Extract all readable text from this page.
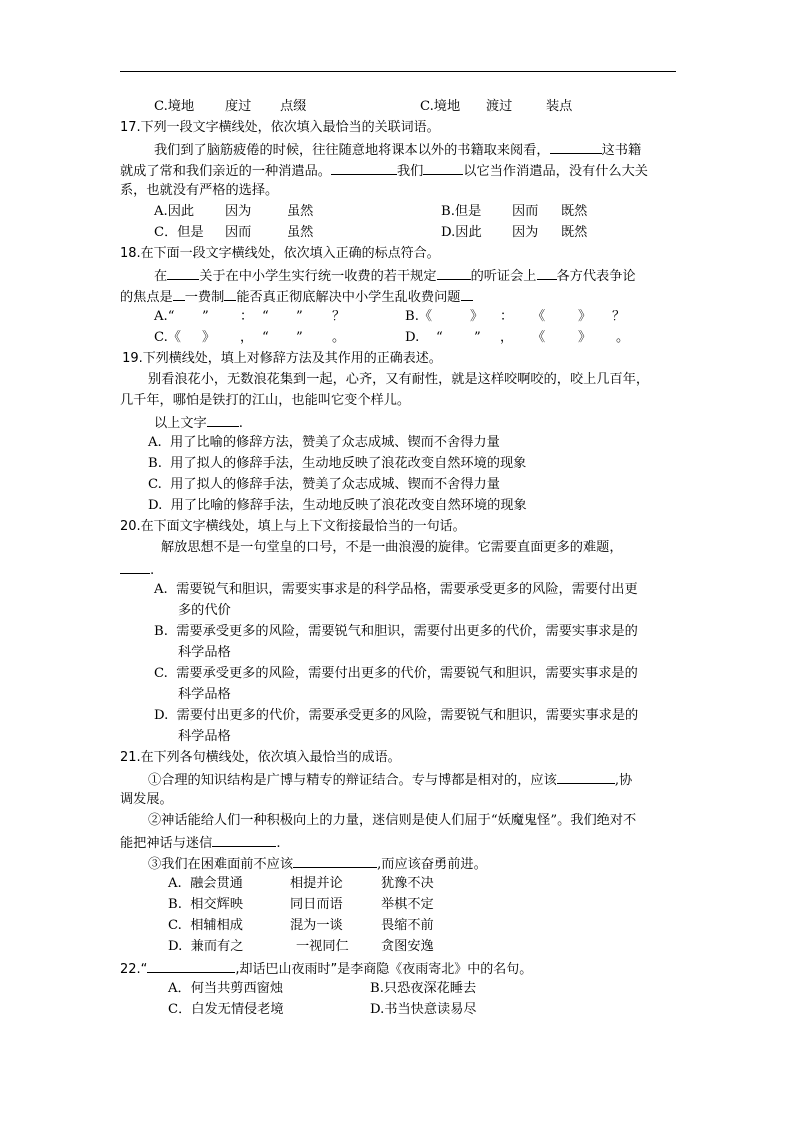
C.境地 度过 点缀	C.境地 渡过	装点
17.下列一段文字横线处，依次填入最恰当的关联词语。
我们到了脑筋疲倦的时候，往往随意地将课本以外的书籍取来阅看，	这书籍
就成了常和我们亲近的一种消遣品。	我们	以它当作消遣品，没有什么大关
系，也就没有严格的选择。
A.因此 因为	虽然	B.但是 因而 既然
C．但是 因而	虽然	D.因此 因为 既然
18.在下面一段文字横线处，依次填入正确的标点符合。
在 关于在中小学生实行统一收费的若干规定	的听证会上 各方代表争论
的焦点是 一费制 能否真正彻底解决中小学生乱收费问题
A.“ ” ： “ ” ？	B.《	》 ： 《 》 ？
C.《 》 ， “ ” 。	D. “ ” ， 《 》 。
19.下列横线处，填上对修辞方法及其作用的正确表述。
别看浪花小，无数浪花集到一起，心齐，又有耐性，就是这样咬啊咬的，咬上几百年，
几千年，哪怕是铁打的江山，也能叫它变个样儿。
以上文字 .
A.  用了比喻的修辞方法，赞美了众志成城、锲而不舍得力量
B.  用了拟人的修辞手法，生动地反映了浪花改变自然环境的现象
C.  用了拟人的修辞手法，赞美了众志成城、锲而不舍得力量
D.  用了比喻的修辞手法，生动地反映了浪花改变自然环境的现象
20.在下面文字横线处，填上与上下文衔接最恰当的一句话。
解放思想不是一句堂皇的口号，不是一曲浪漫的旋律。它需要直面更多的难题，
.
A.  需要锐气和胆识，需要实事求是的科学品格，需要承受更多的风险，需要付出更
多的代价
B.  需要承受更多的风险，需要锐气和胆识，需要付出更多的代价，需要实事求是的
科学品格
C.  需要承受更多的风险，需要付出更多的代价，需要锐气和胆识，需要实事求是的
科学品格
D.  需要付出更多的代价，需要承受更多的风险，需要锐气和胆识，需要实事求是的
科学品格
21.在下列各句横线处，依次填入最恰当的成语。
①合理的知识结构是广博与精专的辩证结合。专与博都是相对的，应该	,协
调发展。
②神话能给人们一种积极向上的力量，迷信则是使人们屈于“妖魔鬼怪”。我们绝对不
能把神话与迷信	.
③我们在困难面前不应该	,而应该奋勇前进。
A.  融会贯通	相提并论	犹豫不决
B.  相交辉映	同日而语	举棋不定
C.  相辅相成	混为一谈	畏缩不前
D.  兼而有之	一视同仁 贪图安逸
22.“	,却话巴山夜雨时”是李商隐《夜雨寄北》中的名句。
A．何当共剪西窗烛	B.只恐夜深花睡去
C．白发无情侵老境	D.书当快意读易尽
